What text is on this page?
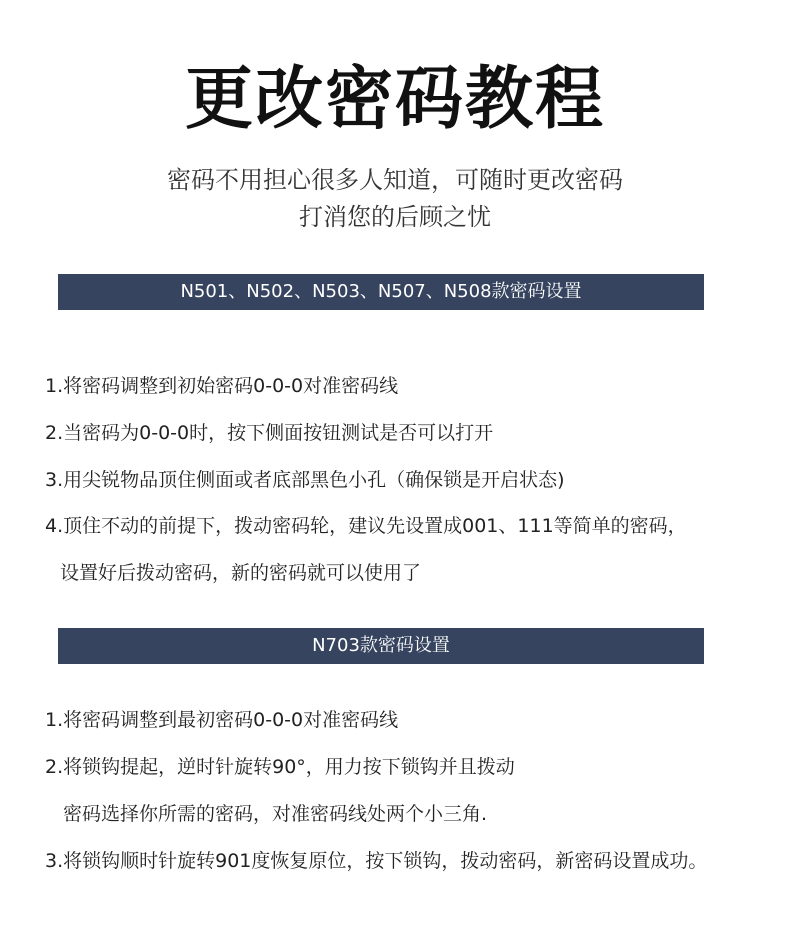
更改密码教程
密码不用担心很多人知道，可随时更改密码
打消您的后顾之忧
N501、N502、N503、N507、N508款密码设置
1.将密码调整到初始密码0-0-0对准密码线
2.当密码为0-0-0时，按下侧面按钮测试是否可以打开
3.用尖锐物品顶住侧面或者底部黑色小孔（确保锁是开启状态)
4.顶住不动的前提下，拨动密码轮，建议先设置成001、111等简单的密码，
设置好后拨动密码，新的密码就可以使用了
N703款密码设置
1.将密码调整到最初密码0-0-0对准密码线
2.将锁钩提起，逆时针旋转90°，用力按下锁钩并且拨动
密码选择你所需的密码，对准密码线处两个小三角.
3.将锁钩顺时针旋转901度恢复原位，按下锁钩，拨动密码，新密码设置成功。
